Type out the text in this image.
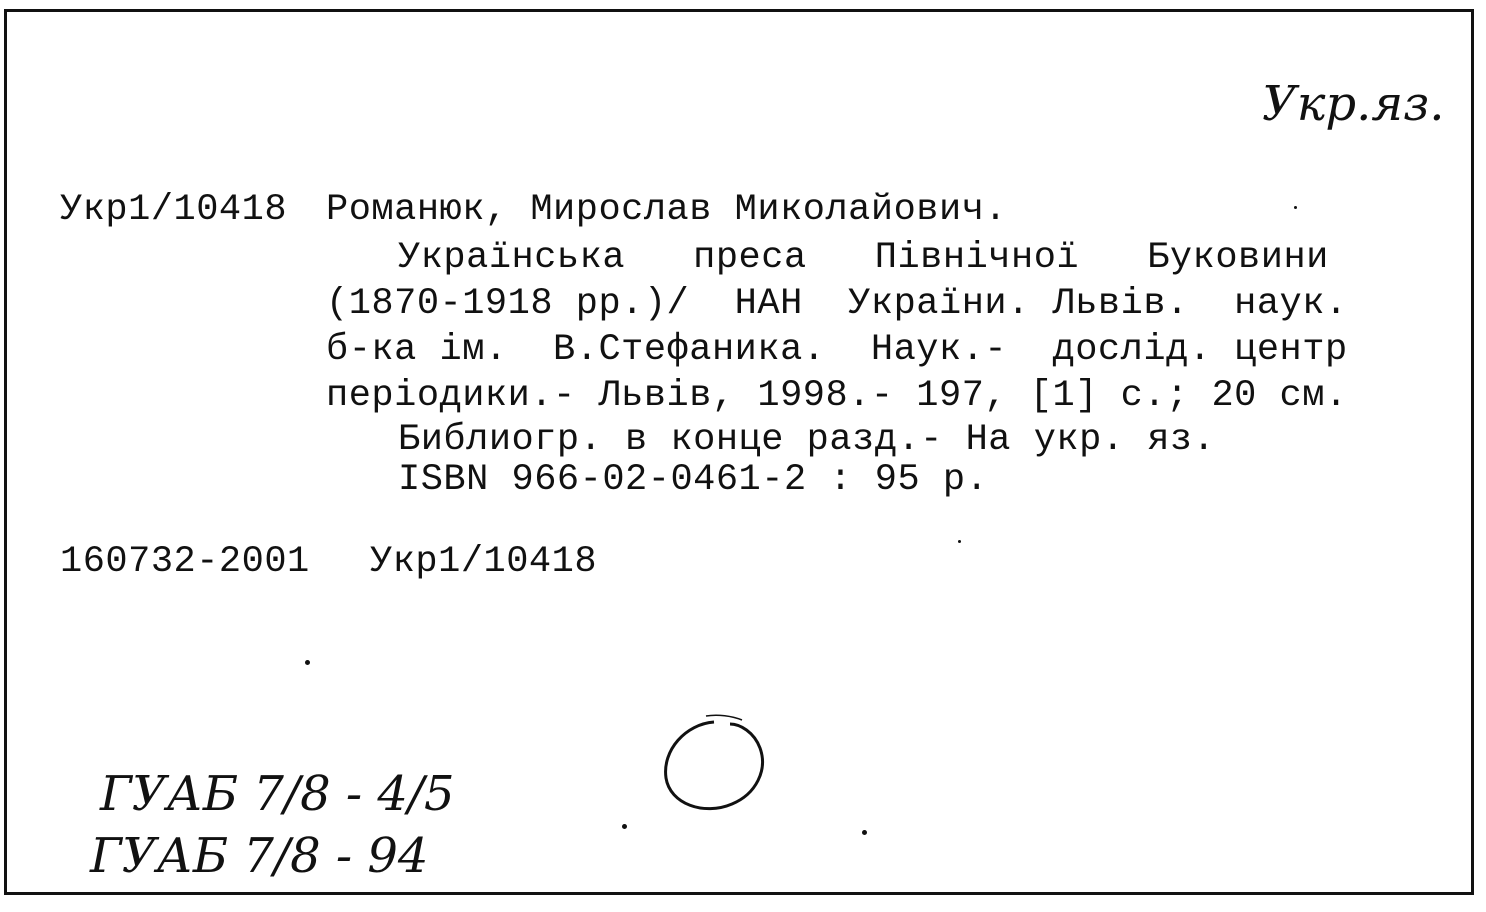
Укр.яз.
Укр1/10418 Романюк, Мирослав Миколайович.
Українська   преса   Північної   Буковини
(1870-1918 рр.)/  НАН  України. Львів.  наук.
б-ка ім.  В.Стефаника.  Наук.-  дослід. центр
періодики.- Львів, 1998.- 197, [1] с.; 20 см.
Библиогр. в конце разд.- На укр. яз.
ISBN 966-02-0461-2 : 95 р.
160732-2001 Укр1/10418
ГУАБ 7/8 - 4/5
ГУАБ 7/8 - 94
